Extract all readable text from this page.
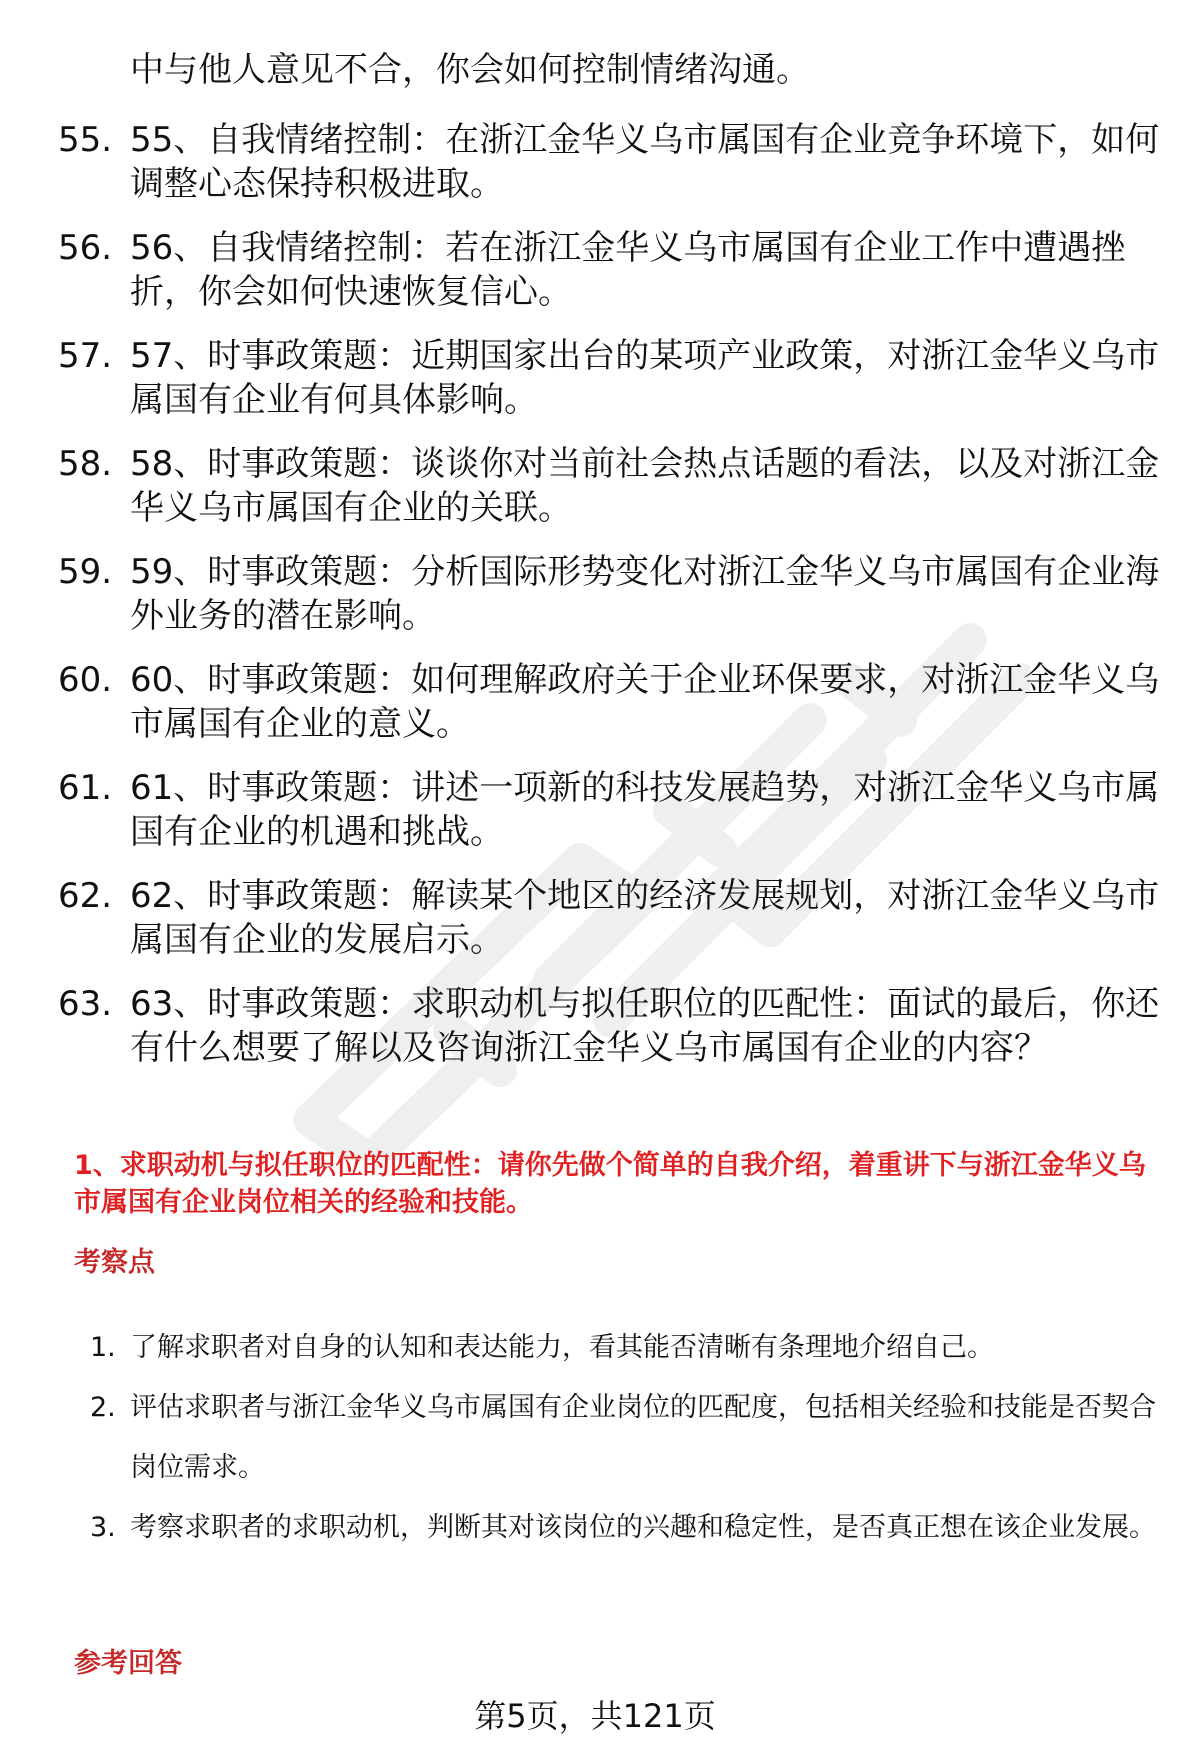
中与他人意见不合，你会如何控制情绪沟通。
55. 55、自我情绪控制：在浙江金华义乌市属国有企业竞争环境下，如何调整心态保持积极进取。
56. 56、自我情绪控制：若在浙江金华义乌市属国有企业工作中遭遇挫折，你会如何快速恢复信心。
57. 57、时事政策题：近期国家出台的某项产业政策，对浙江金华义乌市属国有企业有何具体影响。
58. 58、时事政策题：谈谈你对当前社会热点话题的看法，以及对浙江金华义乌市属国有企业的关联。
59. 59、时事政策题：分析国际形势变化对浙江金华义乌市属国有企业海外业务的潜在影响。
60. 60、时事政策题：如何理解政府关于企业环保要求，对浙江金华义乌市属国有企业的意义。
61. 61、时事政策题：讲述一项新的科技发展趋势，对浙江金华义乌市属国有企业的机遇和挑战。
62. 62、时事政策题：解读某个地区的经济发展规划，对浙江金华义乌市属国有企业的发展启示。
63. 63、时事政策题：求职动机与拟任职位的匹配性：面试的最后，你还有什么想要了解以及咨询浙江金华义乌市属国有企业的内容？
1、求职动机与拟任职位的匹配性：请你先做个简单的自我介绍，着重讲下与浙江金华义乌市属国有企业岗位相关的经验和技能。
考察点
1. 了解求职者对自身的认知和表达能力，看其能否清晰有条理地介绍自己。
2. 评估求职者与浙江金华义乌市属国有企业岗位的匹配度，包括相关经验和技能是否契合岗位需求。
3. 考察求职者的求职动机，判断其对该岗位的兴趣和稳定性，是否真正想在该企业发展。
参考回答
第5页，共121页
